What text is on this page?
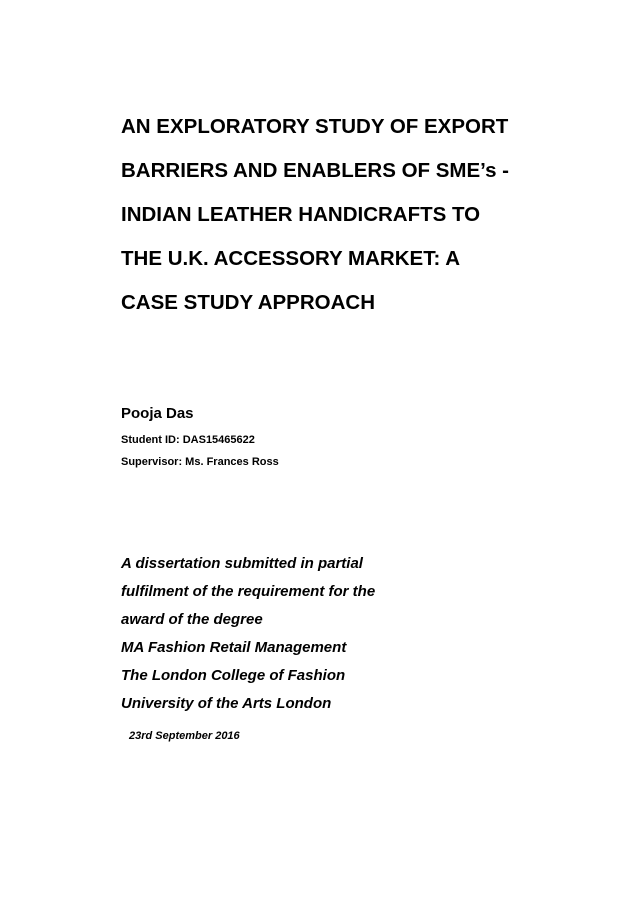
AN EXPLORATORY STUDY OF EXPORT
BARRIERS AND ENABLERS OF SME’s -
INDIAN LEATHER HANDICRAFTS TO
THE U.K. ACCESSORY MARKET: A
CASE STUDY APPROACH
Pooja Das
Student ID: DAS15465622
Supervisor: Ms. Frances Ross
A dissertation submitted in partial
fulfilment of the requirement for the
award of the degree
MA Fashion Retail Management
The London College of Fashion
University of the Arts London
23rd September 2016
